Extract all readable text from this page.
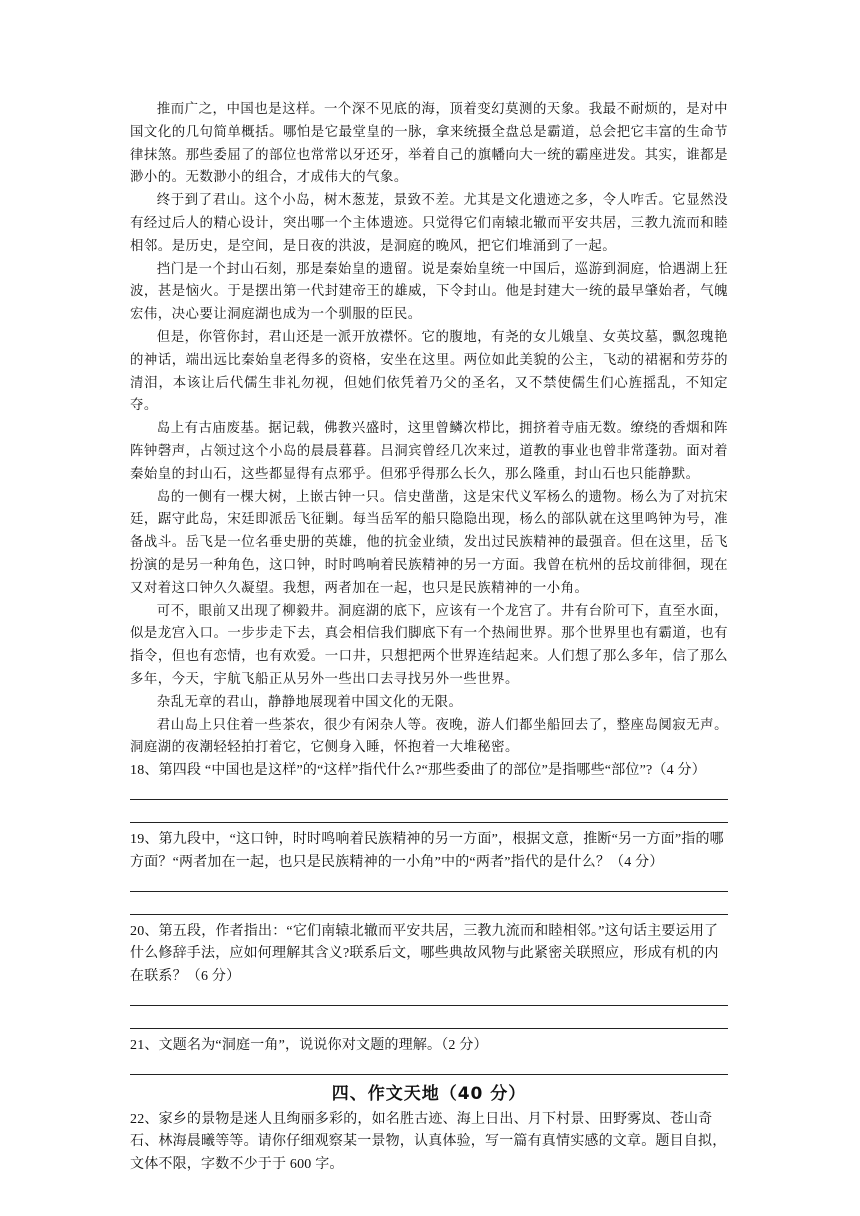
推而广之，中国也是这样。一个深不见底的海，顶着变幻莫测的天象。我最不耐烦的，是对中国文化的几句简单概括。哪怕是它最堂皇的一脉，拿来统摄全盘总是霸道，总会把它丰富的生命节律抹煞。那些委屈了的部位也常常以牙还牙，举着自己的旗幡向大一统的霸座进发。其实，谁都是渺小的。无数渺小的组合，才成伟大的气象。

终于到了君山。这个小岛，树木葱茏，景致不差。尤其是文化遗迹之多，令人咋舌。它显然没有经过后人的精心设计，突出哪一个主体遗迹。只觉得它们南辕北辙而平安共居，三教九流而和睦相邻。是历史，是空间，是日夜的洪波，是洞庭的晚风，把它们堆涌到了一起。

挡门是一个封山石刻，那是秦始皇的遗留。说是秦始皇统一中国后，巡游到洞庭，恰遇湖上狂波，甚是恼火。于是摆出第一代封建帝王的雄威，下令封山。他是封建大一统的最早肇始者，气魄宏伟，决心要让洞庭湖也成为一个驯服的臣民。

但是，你管你封，君山还是一派开放襟怀。它的腹地，有尧的女儿娥皇、女英坟墓，飘忽瑰艳的神话，端出远比秦始皇老得多的资格，安坐在这里。两位如此美貌的公主，飞动的裙裾和劳芬的清泪，本该让后代儒生非礼勿视，但她们依凭着乃父的圣名，又不禁使儒生们心旌摇乱，不知定夺。

岛上有古庙废基。据记载，佛教兴盛时，这里曾鳞次栉比，拥挤着寺庙无数。缭绕的香烟和阵阵钟磬声，占领过这个小岛的晨晨暮暮。吕洞宾曾经几次来过，道教的事业也曾非常蓬勃。面对着秦始皇的封山石，这些都显得有点邪乎。但邪乎得那么长久，那么隆重，封山石也只能静默。

岛的一侧有一棵大树，上嵌古钟一只。信史凿凿，这是宋代义军杨么的遗物。杨么为了对抗宋廷，踞守此岛，宋廷即派岳飞征剿。每当岳军的船只隐隐出现，杨么的部队就在这里鸣钟为号，准备战斗。岳飞是一位名垂史册的英雄，他的抗金业绩，发出过民族精神的最强音。但在这里，岳飞扮演的是另一种角色，这口钟，时时鸣响着民族精神的另一方面。我曾在杭州的岳坟前徘徊，现在又对着这口钟久久凝望。我想，两者加在一起，也只是民族精神的一小角。

可不，眼前又出现了柳毅井。洞庭湖的底下，应该有一个龙宫了。井有台阶可下，直至水面，似是龙宫入口。一步步走下去，真会相信我们脚底下有一个热闹世界。那个世界里也有霸道，也有指令，但也有恋情，也有欢爱。一口井，只想把两个世界连结起来。人们想了那么多年，信了那么多年，今天，宇航飞船正从另外一些出口去寻找另外一些世界。

杂乱无章的君山，静静地展现着中国文化的无限。

君山岛上只住着一些茶农，很少有闲杂人等。夜晚，游人们都坐船回去了，整座岛阒寂无声。洞庭湖的夜潮轻轻拍打着它，它侧身入睡，怀抱着一大堆秘密。

18、第四段 “中国也是这样”的“这样”指代什么?“那些委曲了的部位”是指哪些“部位”?（4 分）

19、第九段中，“这口钟，时时鸣响着民族精神的另一方面”，根据文意，推断“另一方面”指的哪方面？“两者加在一起，也只是民族精神的一小角”中的“两者”指代的是什么？（4 分）

20、第五段，作者指出：“它们南辕北辙而平安共居，三教九流而和睦相邻。”这句话主要运用了什么修辞手法，应如何理解其含义?联系后文，哪些典故风物与此紧密关联照应，形成有机的内在联系？（6 分）

21、文题名为“洞庭一角”，说说你对文题的理解。（2 分）

四、作文天地（40 分）

22、家乡的景物是迷人且绚丽多彩的，如名胜古迹、海上日出、月下村景、田野雾岚、苍山奇石、林海晨曦等等。请你仔细观察某一景物，认真体验，写一篇有真情实感的文章。题目自拟，文体不限，字数不少于于 600 字。
